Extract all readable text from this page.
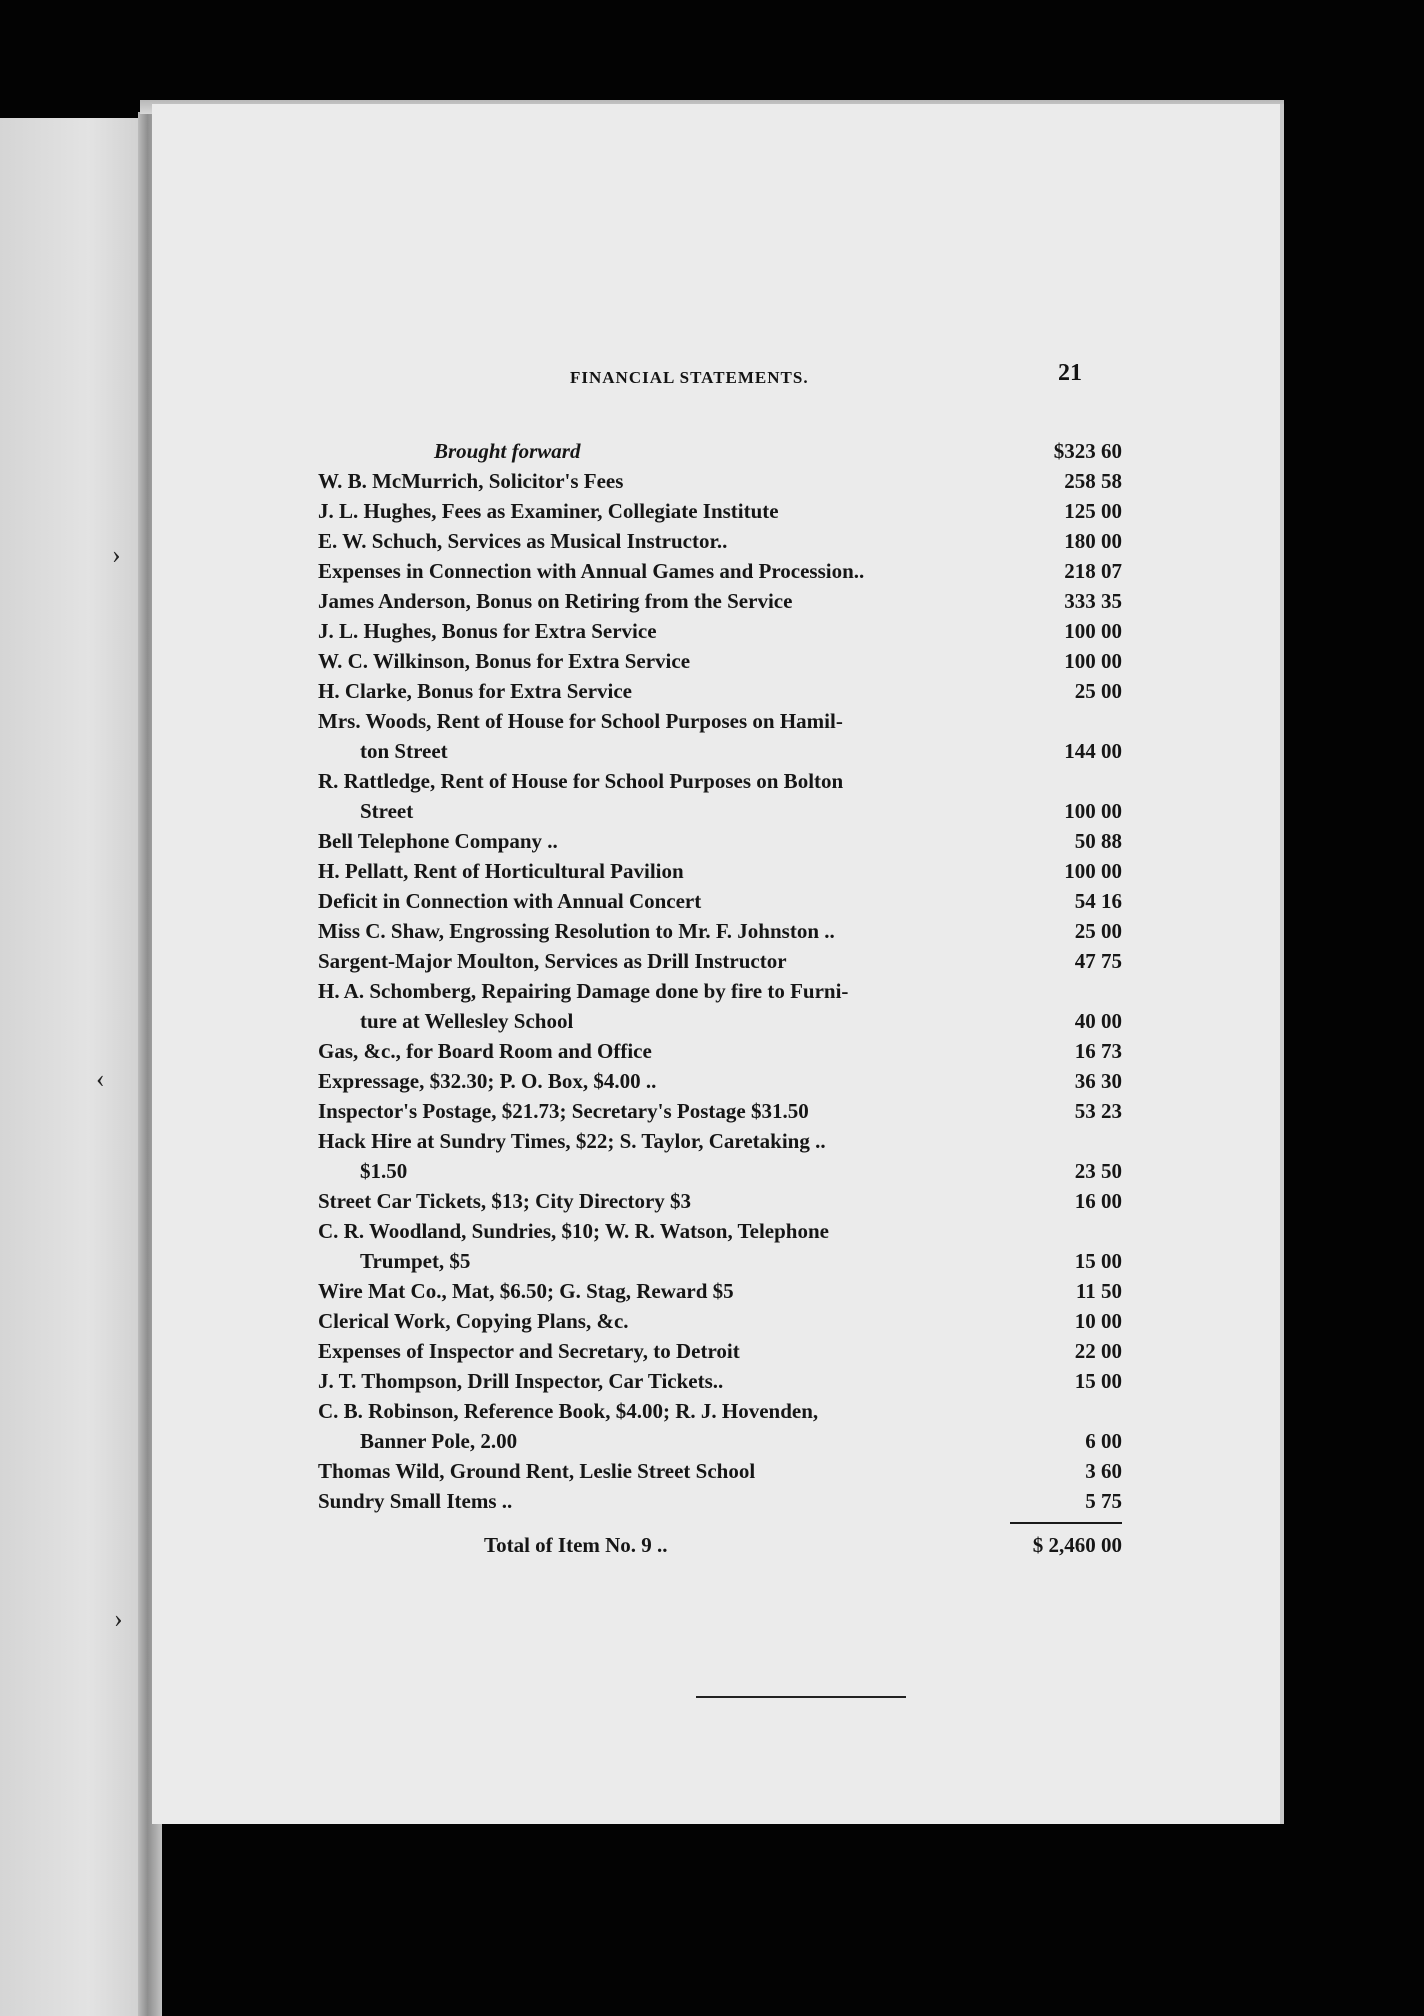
›
‹
›
FINANCIAL STATEMENTS.	21
Brought forward	$323 60
W. B. McMurrich, Solicitor's Fees	258 58
J. L. Hughes, Fees as Examiner, Collegiate Institute	125 00
E. W. Schuch, Services as Musical Instructor..	180 00
Expenses in Connection with Annual Games and Procession..	218 07
James Anderson, Bonus on Retiring from the Service	333 35
J. L. Hughes, Bonus for Extra Service	100 00
W. C. Wilkinson, Bonus for Extra Service	100 00
H. Clarke, Bonus for Extra Service	25 00
Mrs. Woods, Rent of House for School Purposes on Hamil-
ton Street	144 00
R. Rattledge, Rent of House for School Purposes on Bolton
Street	100 00
Bell Telephone Company ..	50 88
H. Pellatt, Rent of Horticultural Pavilion	100 00
Deficit in Connection with Annual Concert	54 16
Miss C. Shaw, Engrossing Resolution to Mr. F. Johnston ..	25 00
Sargent-Major Moulton, Services as Drill Instructor	47 75
H. A. Schomberg, Repairing Damage done by fire to Furni-
ture at Wellesley School	40 00
Gas, &c., for Board Room and Office	16 73
Expressage, $32.30; P. O. Box, $4.00 ..	36 30
Inspector's Postage, $21.73; Secretary's Postage $31.50	53 23
Hack Hire at Sundry Times, $22; S. Taylor, Caretaking ..
$1.50	23 50
Street Car Tickets, $13; City Directory $3	16 00
C. R. Woodland, Sundries, $10; W. R. Watson, Telephone
Trumpet, $5	15 00
Wire Mat Co., Mat, $6.50; G. Stag, Reward $5	11 50
Clerical Work, Copying Plans, &c.	10 00
Expenses of Inspector and Secretary, to Detroit	22 00
J. T. Thompson, Drill Inspector, Car Tickets..	15 00
C. B. Robinson, Reference Book, $4.00; R. J. Hovenden,
Banner Pole, 2.00	6 00
Thomas Wild, Ground Rent, Leslie Street School	3 60
Sundry Small Items ..	5 75
Total of Item No. 9 ..	$ 2,460 00
